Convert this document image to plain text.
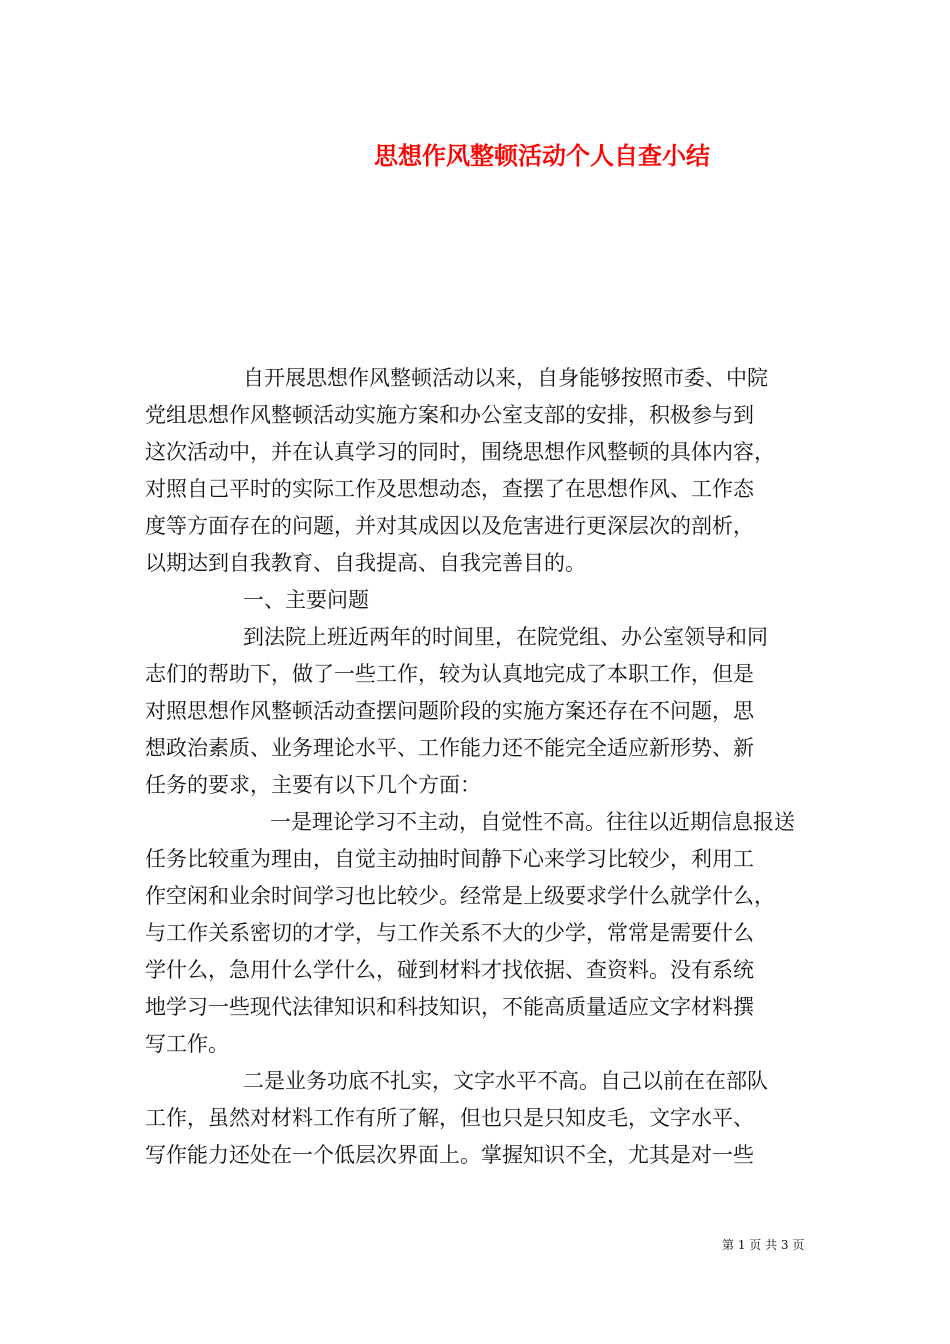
思想作风整顿活动个人自查小结
自开展思想作风整顿活动以来，自身能够按照市委、中院
党组思想作风整顿活动实施方案和办公室支部的安排，积极参与到
这次活动中，并在认真学习的同时，围绕思想作风整顿的具体内容，
对照自己平时的实际工作及思想动态，查摆了在思想作风、工作态
度等方面存在的问题，并对其成因以及危害进行更深层次的剖析，
以期达到自我教育、自我提高、自我完善目的。
一、主要问题
到法院上班近两年的时间里，在院党组、办公室领导和同
志们的帮助下，做了一些工作，较为认真地完成了本职工作，但是
对照思想作风整顿活动查摆问题阶段的实施方案还存在不问题，思
想政治素质、业务理论水平、工作能力还不能完全适应新形势、新
任务的要求，主要有以下几个方面：
一是理论学习不主动，自觉性不高。往往以近期信息报送
任务比较重为理由，自觉主动抽时间静下心来学习比较少，利用工
作空闲和业余时间学习也比较少。经常是上级要求学什么就学什么，
与工作关系密切的才学，与工作关系不大的少学，常常是需要什么
学什么，急用什么学什么，碰到材料才找依据、查资料。没有系统
地学习一些现代法律知识和科技知识，不能高质量适应文字材料撰
写工作。
二是业务功底不扎实，文字水平不高。自己以前在在部队
工作，虽然对材料工作有所了解，但也只是只知皮毛，文字水平、
写作能力还处在一个低层次界面上。掌握知识不全，尤其是对一些
第 1 页 共 3 页
